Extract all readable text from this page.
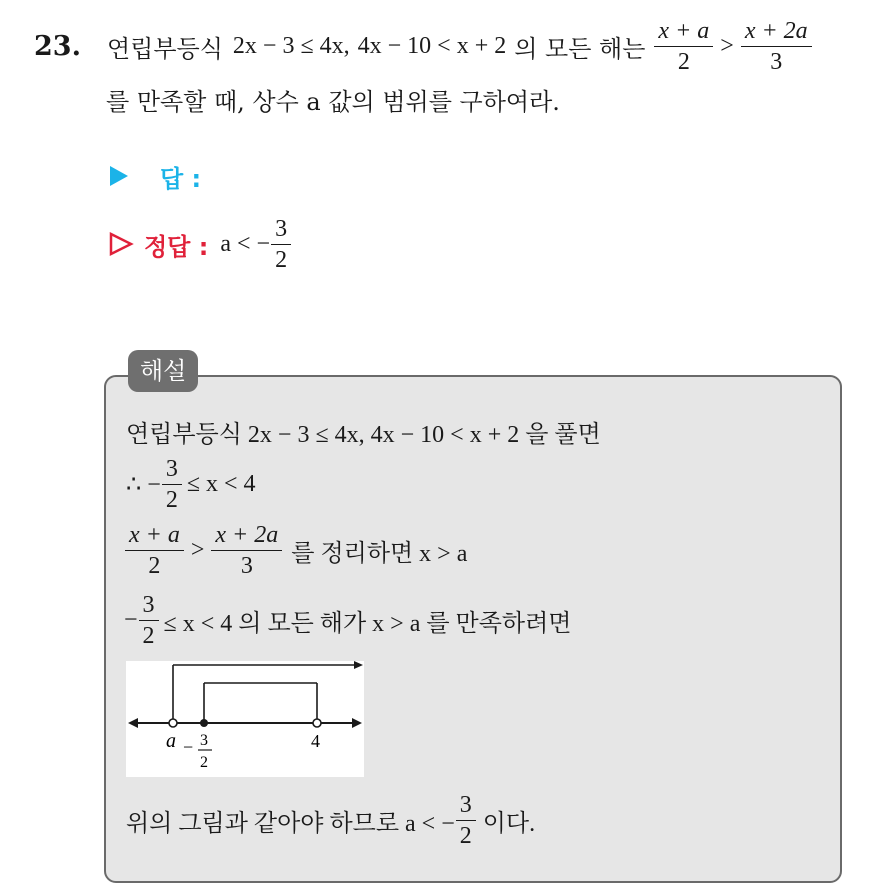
23. 연립부등식 2x − 3 ≤ 4x, 4x − 10 < x + 2 의 모든 해는 $\frac{x + a}{2} > \frac{x + 2a}{3}$
를 만족할 때, 상수 a 값의 범위를 구하여라.
답 :
정답 : a < − $\frac{3}{2}$
해설
연립부등식 2x − 3 ≤ 4x, 4x − 10 < x + 2 을 풀면
∴ − $\frac{3}{2} \le x < 4$
$\frac{x + a}{2} > \frac{x + 2a}{3}$ 를 정리하면 x > a
− $\frac{3}{2} \le x < 4$ 의 모든 해가 x > a 를 만족하려면
a − 3
2
4
위의 그림과 같아야 하므로 a < − $\frac{3}{2}$ 이다.
